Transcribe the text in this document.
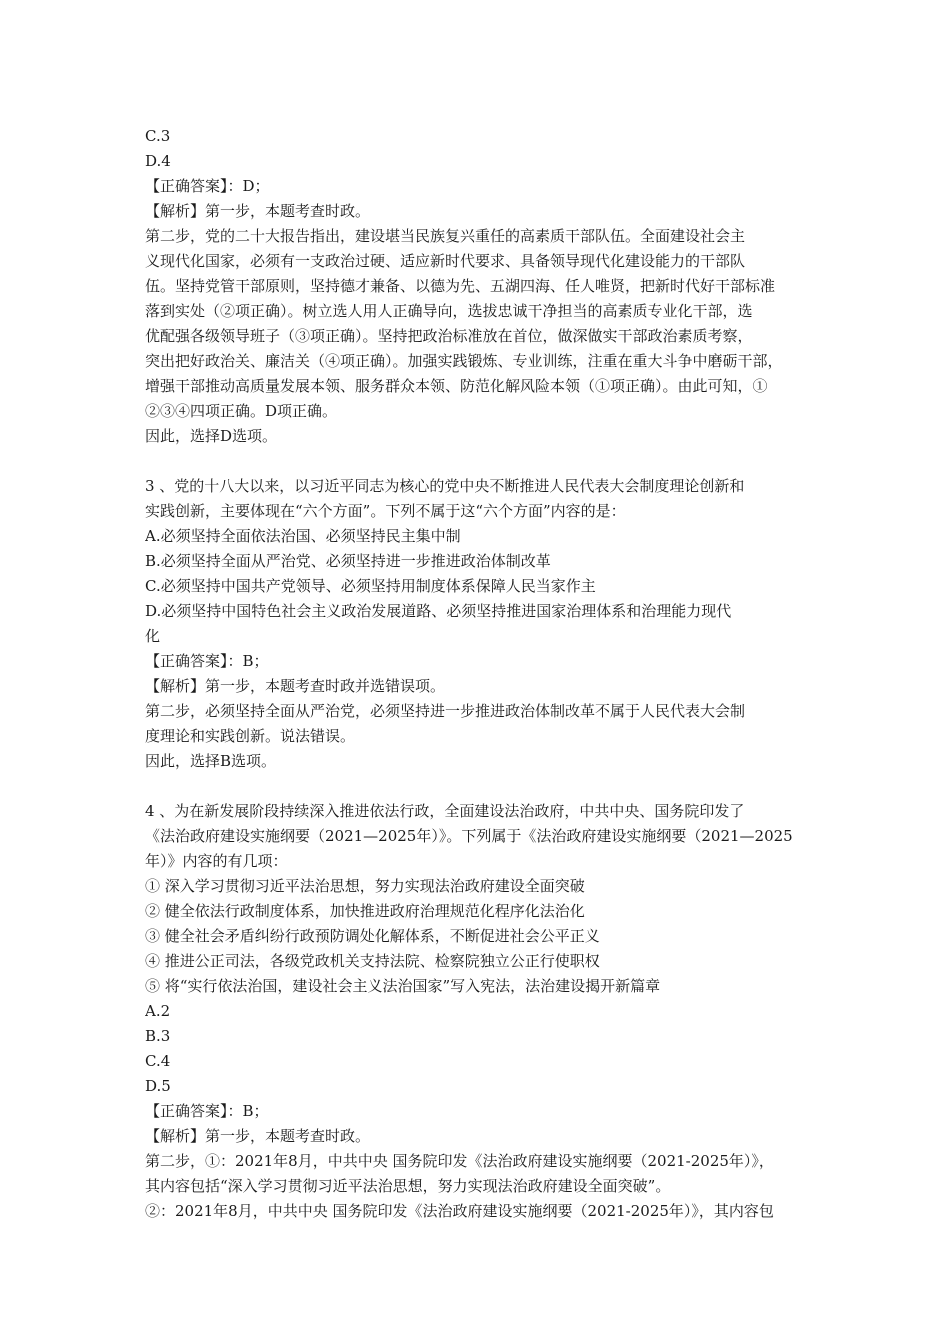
C.3
D.4
【正确答案】：D；
【解析】第一步，本题考查时政。
第二步，党的二十大报告指出，建设堪当民族复兴重任的高素质干部队伍。全面建设社会主
义现代化国家，必须有一支政治过硬、适应新时代要求、具备领导现代化建设能力的干部队
伍。坚持党管干部原则，坚持德才兼备、以德为先、五湖四海、任人唯贤，把新时代好干部标准
落到实处（②项正确）。树立选人用人正确导向，选拔忠诚干净担当的高素质专业化干部，选
优配强各级领导班子（③项正确）。坚持把政治标准放在首位，做深做实干部政治素质考察，
突出把好政治关、廉洁关（④项正确）。加强实践锻炼、专业训练，注重在重大斗争中磨砺干部，
增强干部推动高质量发展本领、服务群众本领、防范化解风险本领（①项正确）。由此可知，①
②③④四项正确。D项正确。
因此，选择D选项。
3 、党的十八大以来，以习近平同志为核心的党中央不断推进人民代表大会制度理论创新和
实践创新，主要体现在“六个方面”。下列不属于这“六个方面”内容的是：
A.必须坚持全面依法治国、必须坚持民主集中制
B.必须坚持全面从严治党、必须坚持进一步推进政治体制改革
C.必须坚持中国共产党领导、必须坚持用制度体系保障人民当家作主
D.必须坚持中国特色社会主义政治发展道路、必须坚持推进国家治理体系和治理能力现代
化
【正确答案】：B；
【解析】第一步，本题考查时政并选错误项。
第二步，必须坚持全面从严治党，必须坚持进一步推进政治体制改革不属于人民代表大会制
度理论和实践创新。说法错误。
因此，选择B选项。
4 、为在新发展阶段持续深入推进依法行政，全面建设法治政府，中共中央、国务院印发了
《法治政府建设实施纲要（2021—2025年）》。下列属于《法治政府建设实施纲要（2021—2025
年）》内容的有几项：
① 深入学习贯彻习近平法治思想，努力实现法治政府建设全面突破
② 健全依法行政制度体系，加快推进政府治理规范化程序化法治化
③ 健全社会矛盾纠纷行政预防调处化解体系，不断促进社会公平正义
④ 推进公正司法，各级党政机关支持法院、检察院独立公正行使职权
⑤ 将“实行依法治国，建设社会主义法治国家”写入宪法，法治建设揭开新篇章
A.2
B.3
C.4
D.5
【正确答案】：B；
【解析】第一步，本题考查时政。
第二步，①：2021年8月，中共中央 国务院印发《法治政府建设实施纲要（2021-2025年）》，
其内容包括“深入学习贯彻习近平法治思想，努力实现法治政府建设全面突破”。
②：2021年8月，中共中央 国务院印发《法治政府建设实施纲要（2021-2025年）》，其内容包
